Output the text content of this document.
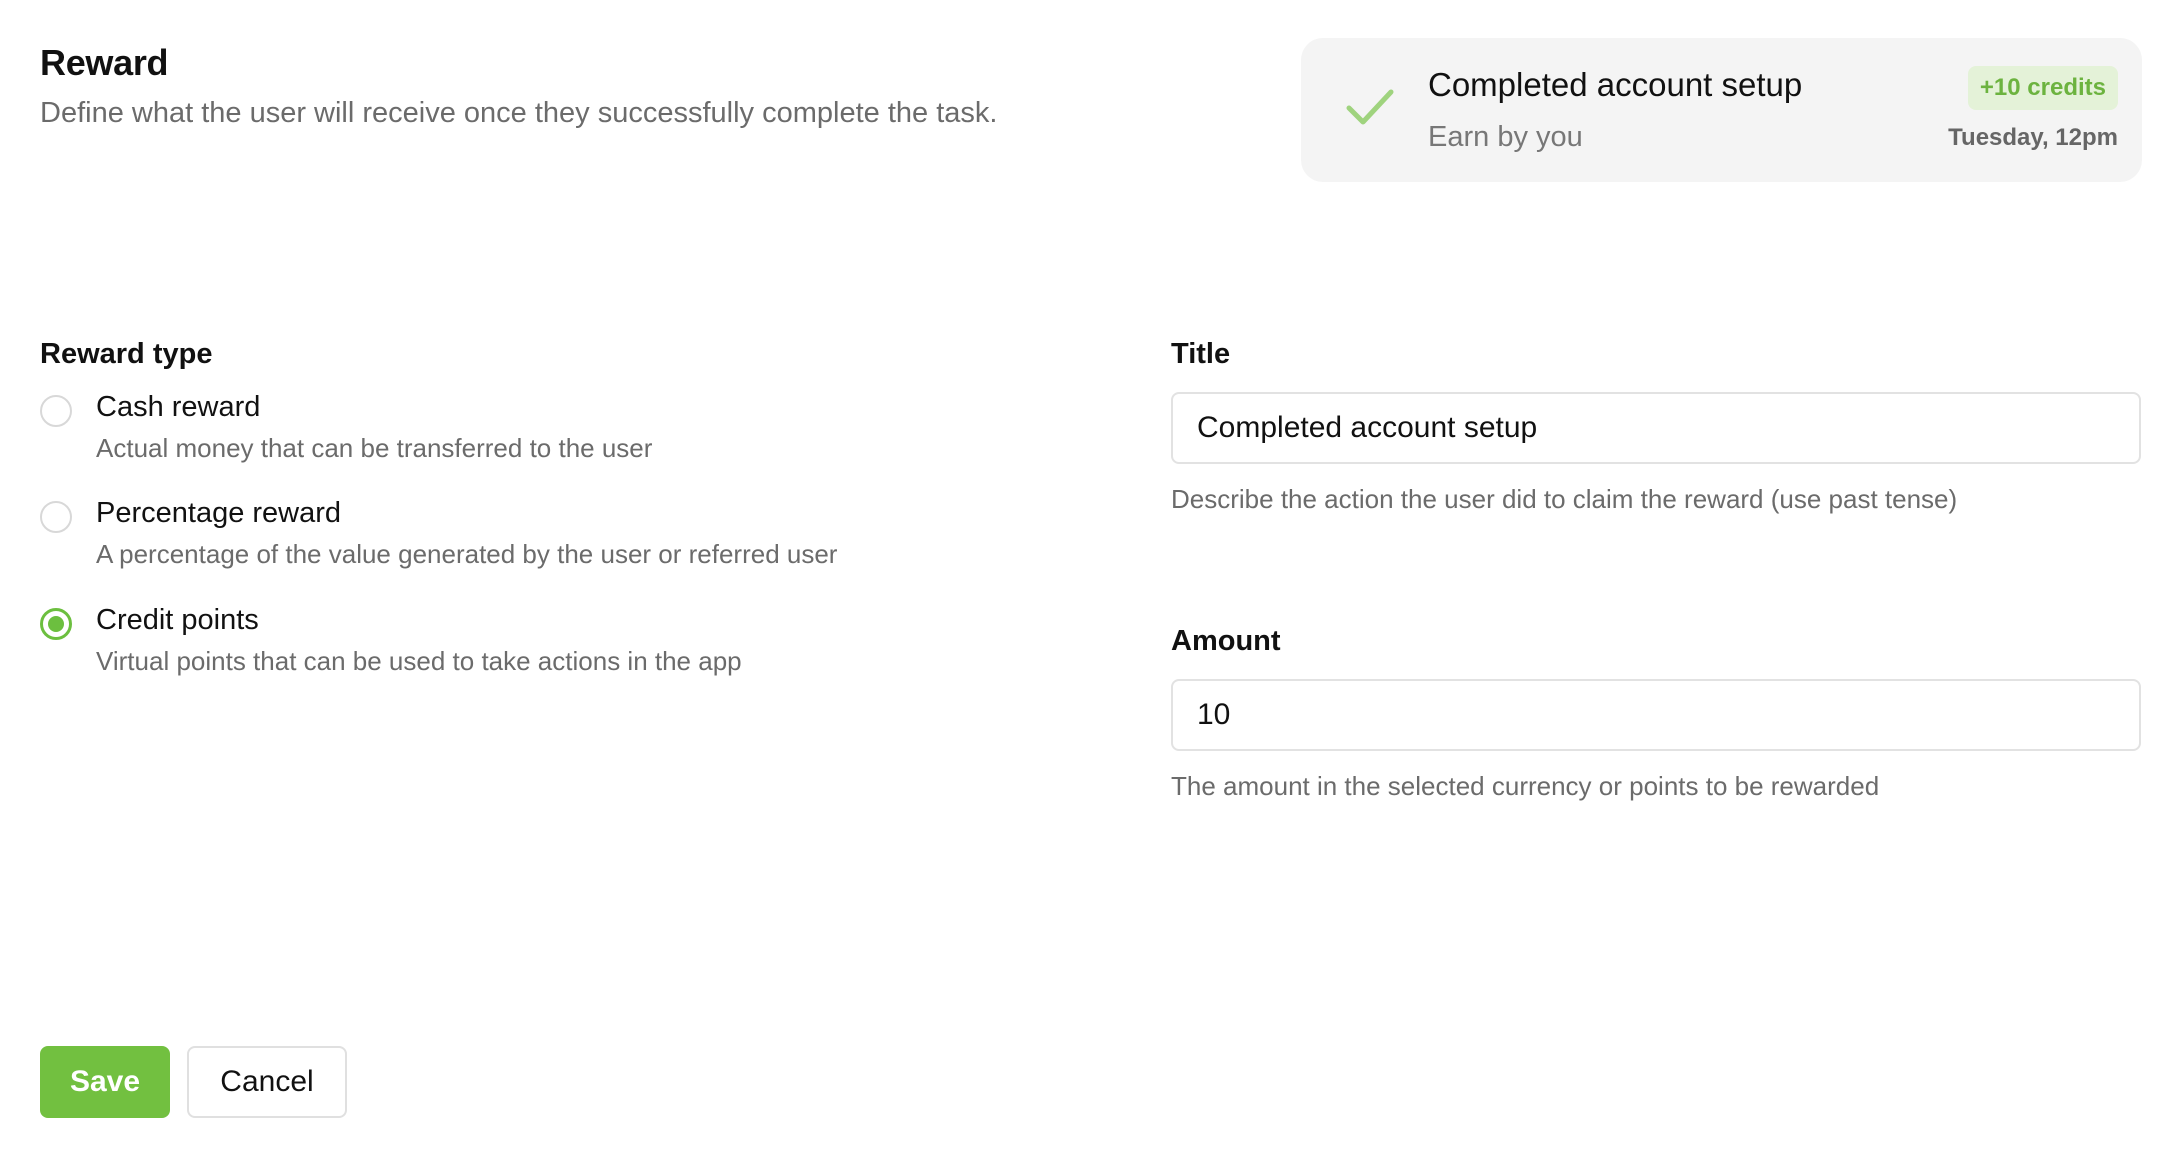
Reward
Define what the user will receive once they successfully complete the task.
Completed account setup
Earn by you
+10 credits
Tuesday, 12pm
Reward type
Cash reward
Actual money that can be transferred to the user
Percentage reward
A percentage of the value generated by the user or referred user
Credit points
Virtual points that can be used to take actions in the app
Title
Completed account setup
Describe the action the user did to claim the reward (use past tense)
Amount
10
The amount in the selected currency or points to be rewarded
Save	Cancel
